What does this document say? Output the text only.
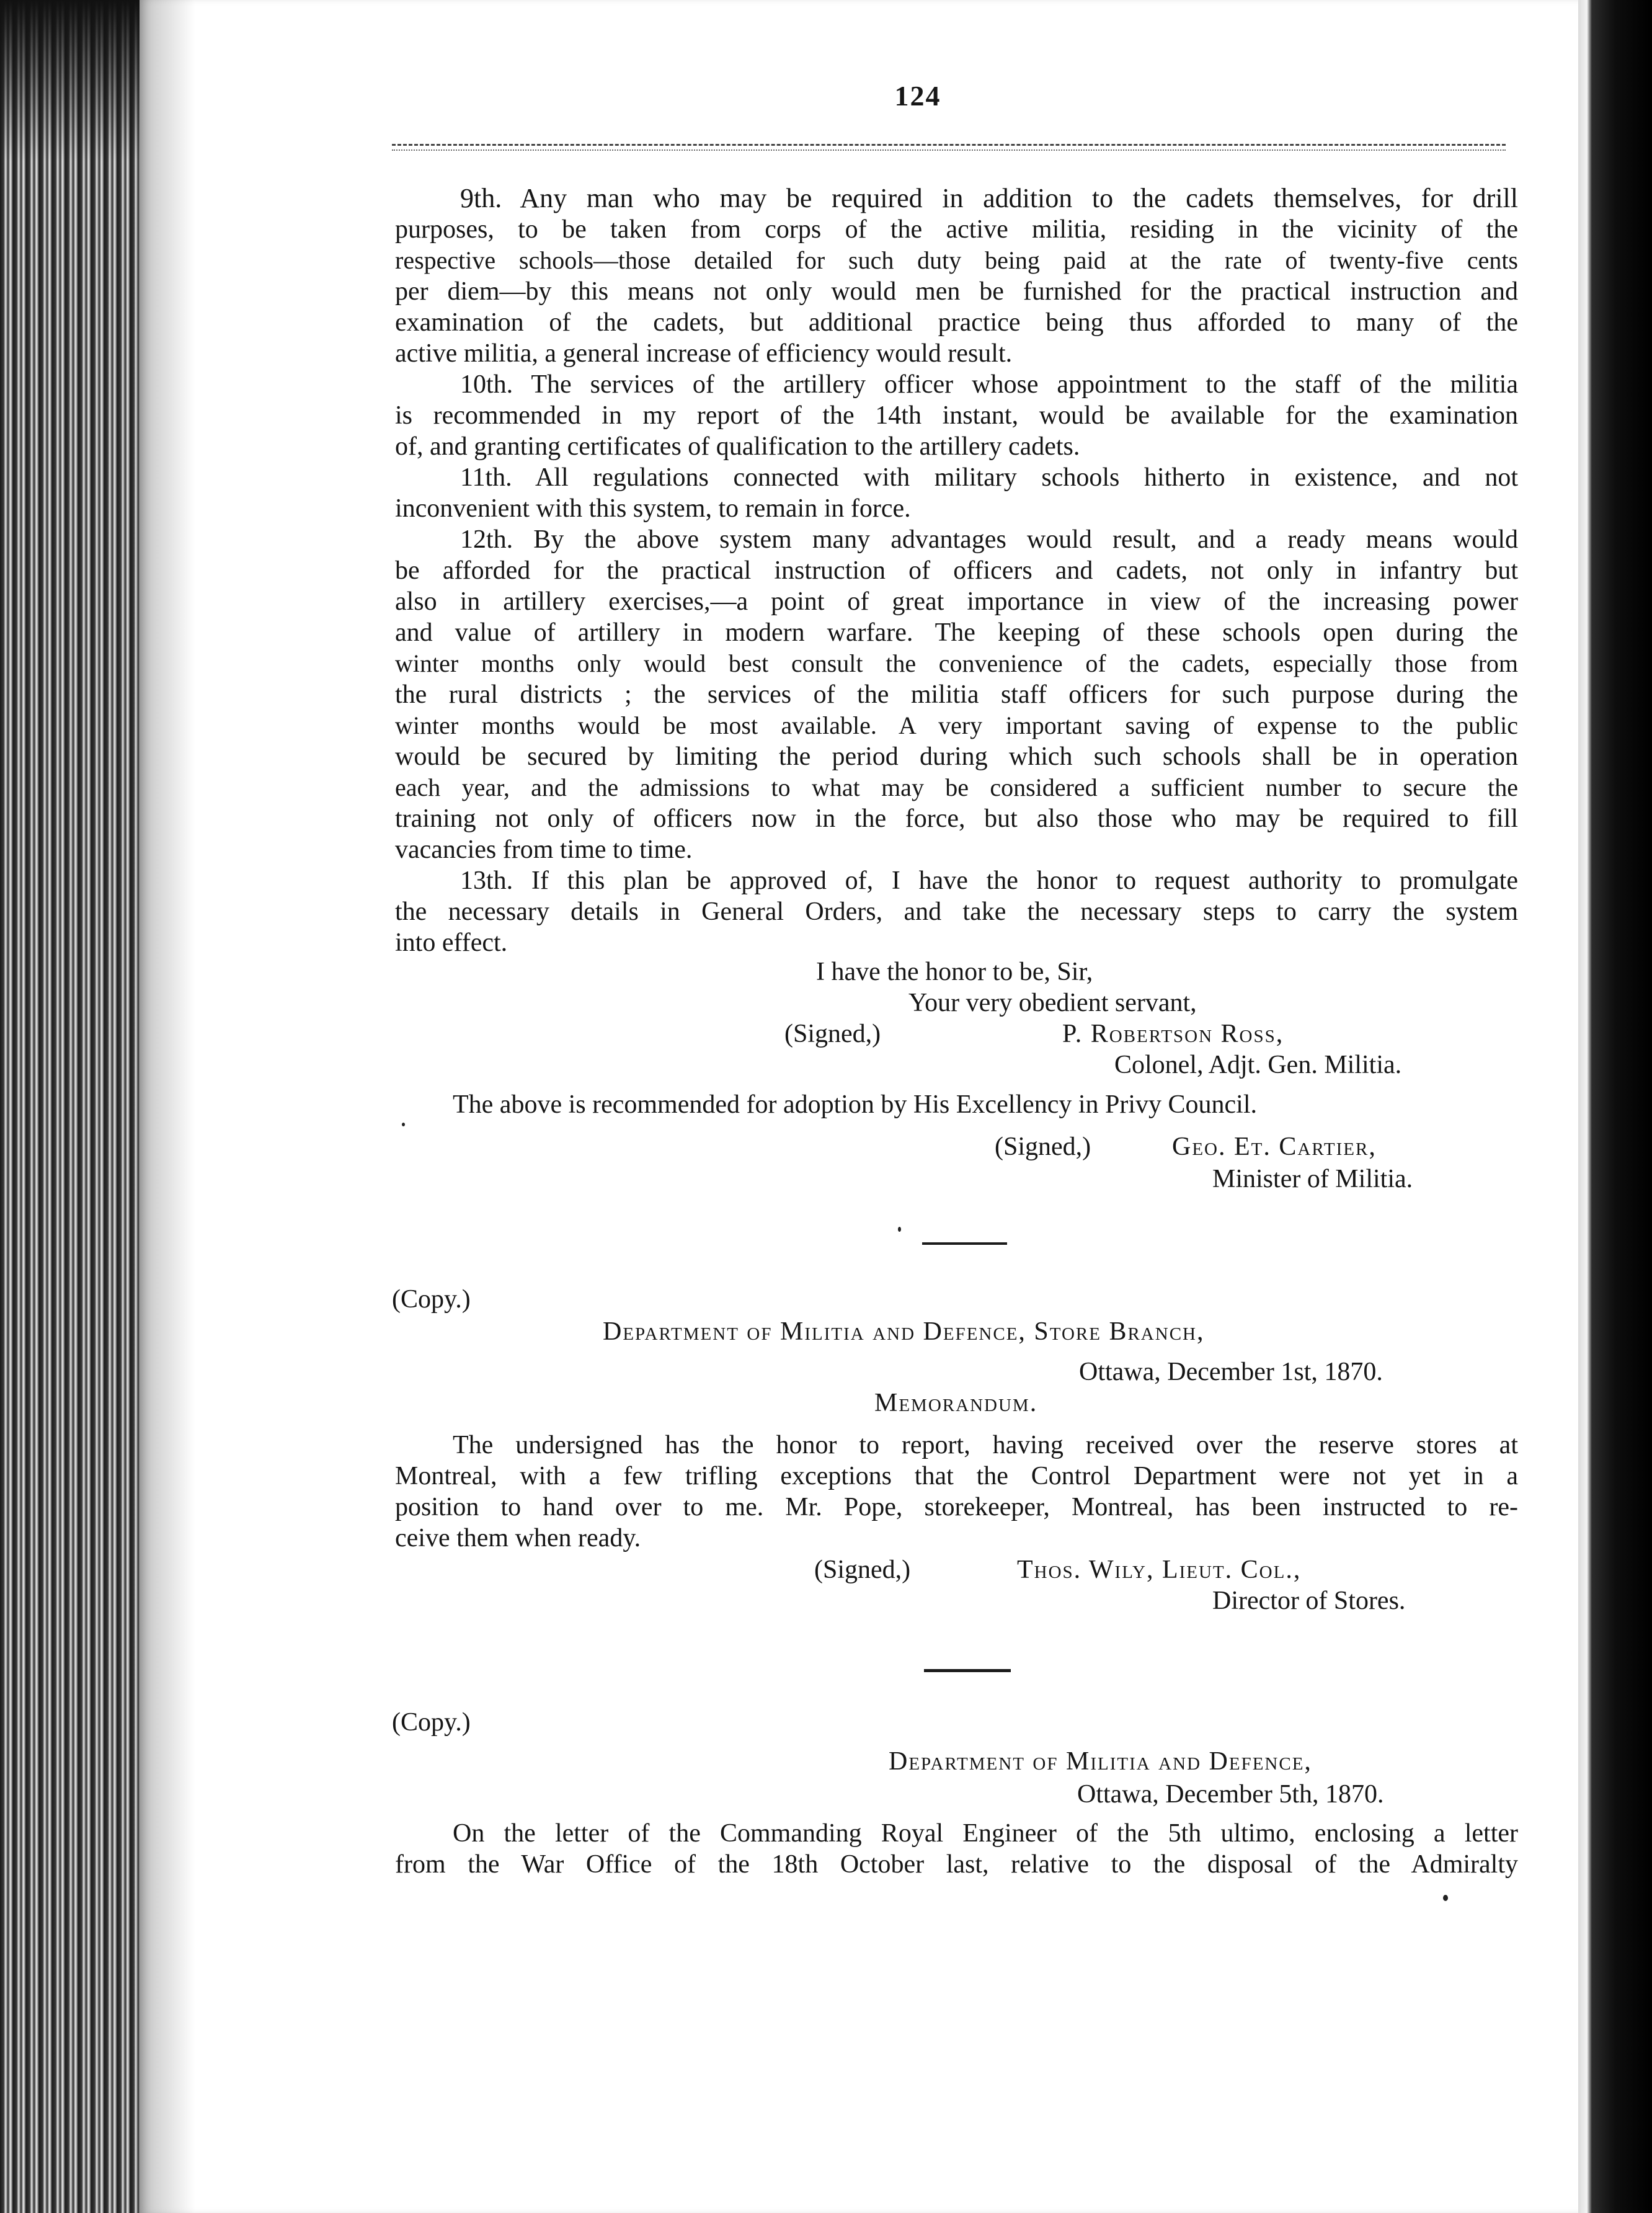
124

9th. Any man who may be required in addition to the cadets themselves, for drill

purposes, to be taken from corps of the active militia, residing in the vicinity of the

respective schools—those detailed for such duty being paid at the rate of twenty-five cents

per diem—by this means not only would men be furnished for the practical instruction and

examination of the cadets, but additional practice being thus afforded to many of the

active militia, a general increase of efficiency would result.

10th. The services of the artillery officer whose appointment to the staff of the militia

is recommended in my report of the 14th instant, would be available for the examination

of, and granting certificates of qualification to the artillery cadets.

11th. All regulations connected with military schools hitherto in existence, and not

inconvenient with this system, to remain in force.

12th. By the above system many advantages would result, and a ready means would

be afforded for the practical instruction of officers and cadets, not only in infantry but

also in artillery exercises,—a point of great importance in view of the increasing power

and value of artillery in modern warfare. The keeping of these schools open during the

winter months only would best consult the convenience of the cadets, especially those from

the rural districts ; the services of the militia staff officers for such purpose during the

winter months would be most available. A very important saving of expense to the public

would be secured by limiting the period during which such schools shall be in operation

each year, and the admissions to what may be considered a sufficient number to secure the

training not only of officers now in the force, but also those who may be required to fill

vacancies from time to time.

13th. If this plan be approved of, I have the honor to request authority to promulgate

the necessary details in General Orders, and take the necessary steps to carry the system

into effect.

I have the honor to be, Sir,

Your very obedient servant,

(Signed,)	P. Robertson Ross,

Colonel, Adjt. Gen. Militia.

The above is recommended for adoption by His Excellency in Privy Council.

(Signed,)	Geo. Et. Cartier,

Minister of Militia.

(Copy.)

Department of Militia and Defence, Store Branch,

Ottawa, December 1st, 1870.

Memorandum.

The undersigned has the honor to report, having received over the reserve stores at

Montreal, with a few trifling exceptions that the Control Department were not yet in a

position to hand over to me. Mr. Pope, storekeeper, Montreal, has been instructed to re-

ceive them when ready.

(Signed,)	Thos. Wily, Lieut. Col.,

Director of Stores.

(Copy.)

Department of Militia and Defence,

Ottawa, December 5th, 1870.

On the letter of the Commanding Royal Engineer of the 5th ultimo, enclosing a letter

from the War Office of the 18th October last, relative to the disposal of the Admiralty
